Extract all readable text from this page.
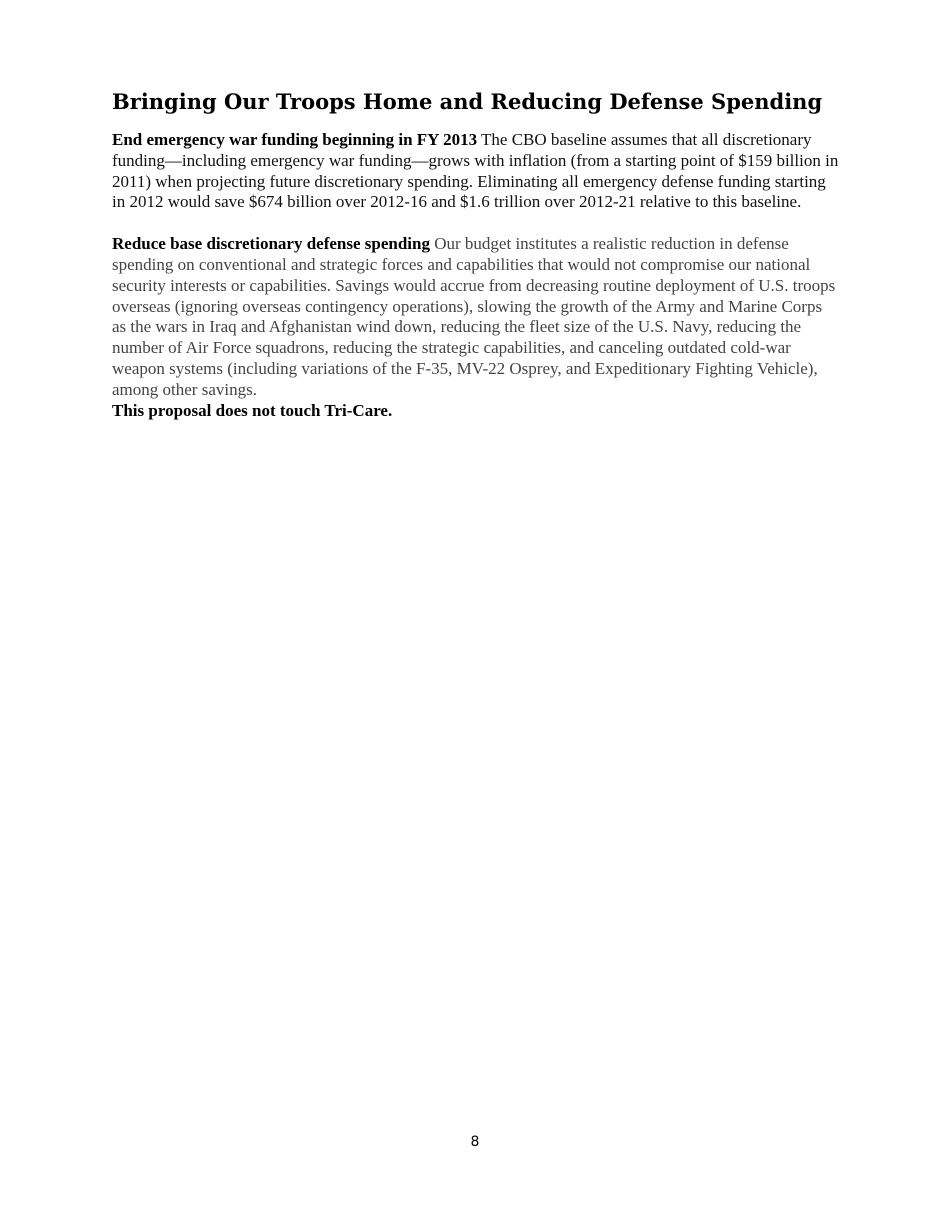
Bringing Our Troops Home and Reducing Defense Spending

End emergency war funding beginning in FY 2013 The CBO baseline assumes that all discretionary funding—including emergency war funding—grows with inflation (from a starting point of $159 billion in 2011) when projecting future discretionary spending. Eliminating all emergency defense funding starting in 2012 would save $674 billion over 2012-16 and $1.6 trillion over 2012-21 relative to this baseline.

Reduce base discretionary defense spending Our budget institutes a realistic reduction in defense spending on conventional and strategic forces and capabilities that would not compromise our national security interests or capabilities. Savings would accrue from decreasing routine deployment of U.S. troops overseas (ignoring overseas contingency operations), slowing the growth of the Army and Marine Corps as the wars in Iraq and Afghanistan wind down, reducing the fleet size of the U.S. Navy, reducing the number of Air Force squadrons, reducing the strategic capabilities, and canceling outdated cold-war weapon systems (including variations of the F-35, MV-22 Osprey, and Expeditionary Fighting Vehicle), among other savings.

This proposal does not touch Tri-Care.

8
